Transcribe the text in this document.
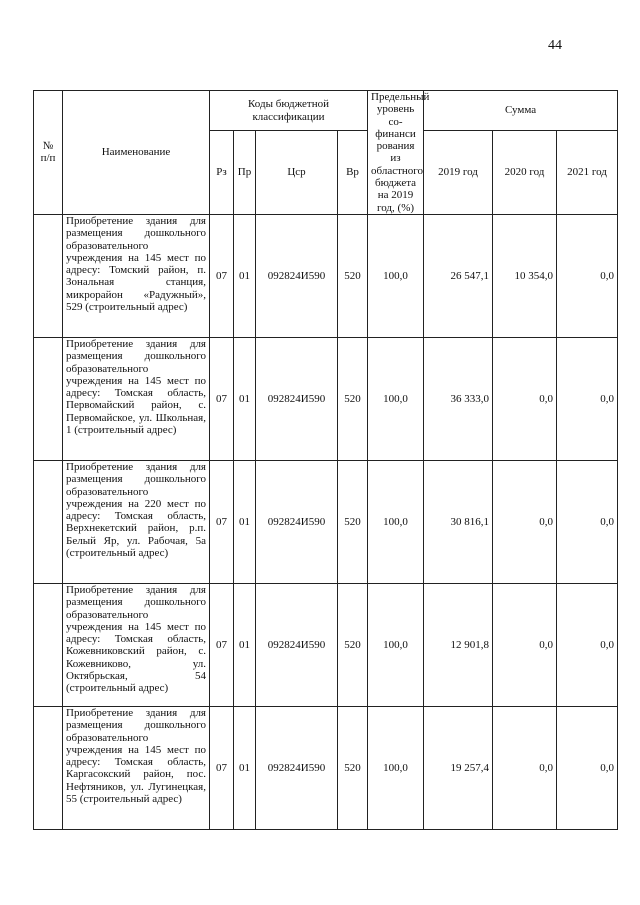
44
№ п/п	Наименование	Коды бюджетной классификации				Предельный уровень со-финанси рования из областного бюджета на 2019 год, (%)	Сумма		
		Рз	Пр	Цср	Вр		2019 год	2020 год	2021 год
	Приобретение здания для размещения дошкольного образовательного учреждения на 145 мест по адресу: Томский район, п. Зональная станция, микрорайон «Радужный», 529 (строительный адрес)	07	01	092824И590	520	100,0	26 547,1	10 354,0	0,0
	Приобретение здания для размещения дошкольного образовательного учреждения на 145 мест по адресу: Томская область, Первомайский район, с. Первомайское, ул. Школьная, 1 (строительный адрес)	07	01	092824И590	520	100,0	36 333,0	0,0	0,0
	Приобретение здания для размещения дошкольного образовательного учреждения на 220 мест по адресу: Томская область, Верхнекетский район, р.п. Белый Яр, ул. Рабочая, 5а (строительный адрес)	07	01	092824И590	520	100,0	30 816,1	0,0	0,0
	Приобретение здания для размещения дошкольного образовательного учреждения на 145 мест по адресу: Томская область, Кожевниковский район, с. Кожевниково, ул. Октябрьская, 54 (строительный адрес)	07	01	092824И590	520	100,0	12 901,8	0,0	0,0
	Приобретение здания для размещения дошкольного образовательного учреждения на 145 мест по адресу: Томская область, Каргасокский район, пос. Нефтяников, ул. Лугинецкая, 55 (строительный адрес)	07	01	092824И590	520	100,0	19 257,4	0,0	0,0
